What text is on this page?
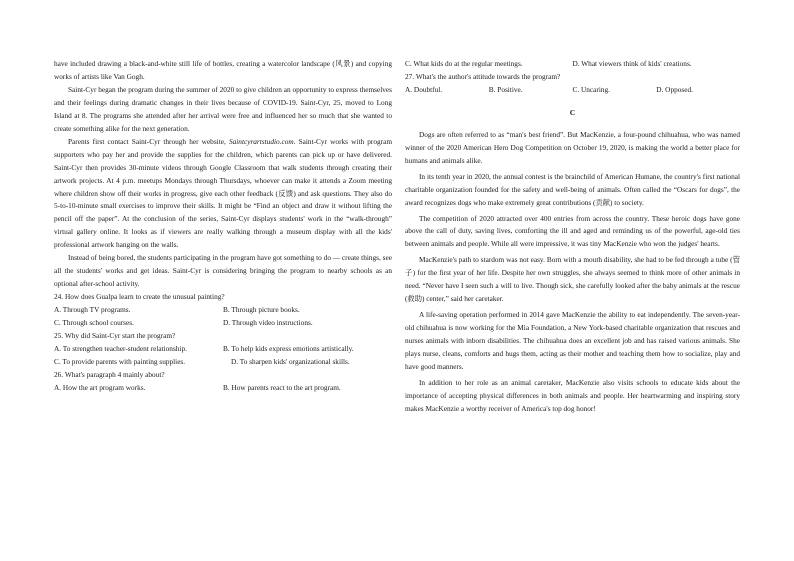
have included drawing a black-and-white still life of bottles, creating a watercolor landscape (风景) and copying works of artists like Van Gogh.

Saint-Cyr began the program during the summer of 2020 to give children an opportunity to express themselves and their feelings during dramatic changes in their lives because of COVID-19. Saint-Cyr, 25, moved to Long Island at 8. The programs she attended after her arrival were free and influenced her so much that she wanted to create something alike for the next generation.

Parents first contact Saint-Cyr through her website, Saintcyrartstudio.com. Saint-Cyr works with program supporters who pay her and provide the supplies for the children, which parents can pick up or have delivered. Saint-Cyr then provides 30-minute videos through Google Classroom that walk students through creating their artwork projects. At 4 p.m. meetups Mondays through Thursdays, whoever can make it attends a Zoom meeting where children show off their works in progress, give each other feedback (反馈) and ask questions. They also do 5-to-10-minute small exercises to improve their skills. It might be “Find an object and draw it without lifting the pencil off the paper”. At the conclusion of the series, Saint-Cyr displays students' work in the “walk-through” virtual gallery online. It looks as if viewers are really walking through a museum display with all the kids' professional artwork hanging on the walls.

Instead of being bored, the students participating in the program have got something to do — create things, see all the students' works and get ideas. Saint-Cyr is considering bringing the program to nearby schools as an optional after-school activity.

24. How does Gualpa learn to create the unusual painting?

A. Through TV programs.	B. Through picture books.
C. Through school courses.	D. Through video instructions.

25. Why did Saint-Cyr start the program?

A. To strengthen teacher-student relationship.	B. To help kids express emotions artistically.
C. To provide parents with painting supplies.	D. To sharpen kids' organizational skills.

26. What's paragraph 4 mainly about?

A. How the art program works.	B. How parents react to the art program.
C. What kids do at the regular meetings.	D. What viewers think of kids' creations.

27. What's the author's attitude towards the program?

A. Doubtful.	B. Positive.	C. Uncaring.	D. Opposed.
C

Dogs are often referred to as “man's best friend”. But MacKenzie, a four-pound chihuahua, who was named winner of the 2020 American Hero Dog Competition on October 19, 2020, is making the world a better place for humans and animals alike.

In its tenth year in 2020, the annual contest is the brainchild of American Humane, the country's first national charitable organization founded for the safety and well-being of animals. Often called the “Oscars for dogs”, the award recognizes dogs who make extremely great contributions (贡献) to society.

The competition of 2020 attracted over 400 entries from across the country. These heroic dogs have gone above the call of duty, saving lives, comforting the ill and aged and reminding us of the powerful, age-old ties between animals and people. While all were impressive, it was tiny MacKenzie who won the judges' hearts.

MacKenzie's path to stardom was not easy. Born with a mouth disability, she had to be fed through a tube (管子) for the first year of her life. Despite her own struggles, she always seemed to think more of other animals in need. “Never have I seen such a will to live. Though sick, she carefully looked after the baby animals at the rescue (救助) center,” said her caretaker.

A life-saving operation performed in 2014 gave MacKenzie the ability to eat independently. The seven-year-old chihuahua is now working for the Mia Foundation, a New York-based charitable organization that rescues and nurses animals with inborn disabilities. The chihuahua does an excellent job and has raised various animals. She plays nurse, cleans, comforts and hugs them, acting as their mother and teaching them how to socialize, play and have good manners.

In addition to her role as an animal caretaker, MacKenzie also visits schools to educate kids about the importance of accepting physical differences in both animals and people. Her heartwarming and inspiring story makes MacKenzie a worthy receiver of America's top dog honor!
